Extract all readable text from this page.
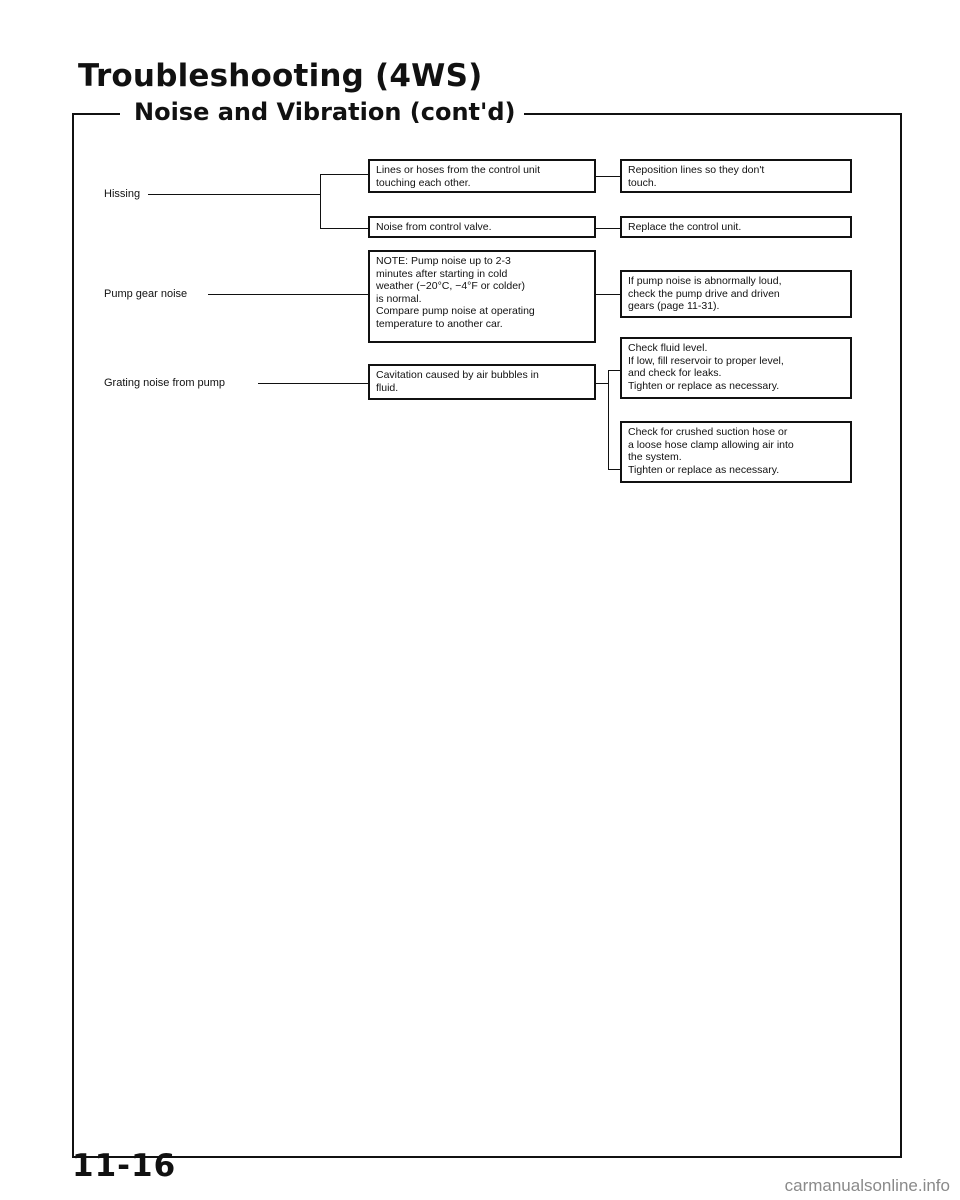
Troubleshooting (4WS)
Noise and Vibration (cont'd)
Hissing
Pump gear noise
Grating noise from pump
Lines or hoses from the control unit
touching each other.
Noise from control valve.
NOTE: Pump noise up to 2-3
minutes after starting in cold
weather (−20°C, −4°F or colder)
is normal.
Compare pump noise at operating
temperature to another car.
Cavitation caused by air bubbles in
fluid.
Reposition lines so they don't
touch.
Replace the control unit.
If pump noise is abnormally loud,
check the pump drive and driven
gears (page 11-31).
Check fluid level.
If low, fill reservoir to proper level,
and check for leaks.
Tighten or replace as necessary.
Check for crushed suction hose or
a loose hose clamp allowing air into
the system.
Tighten or replace as necessary.
11-16
carmanualsonline.info
